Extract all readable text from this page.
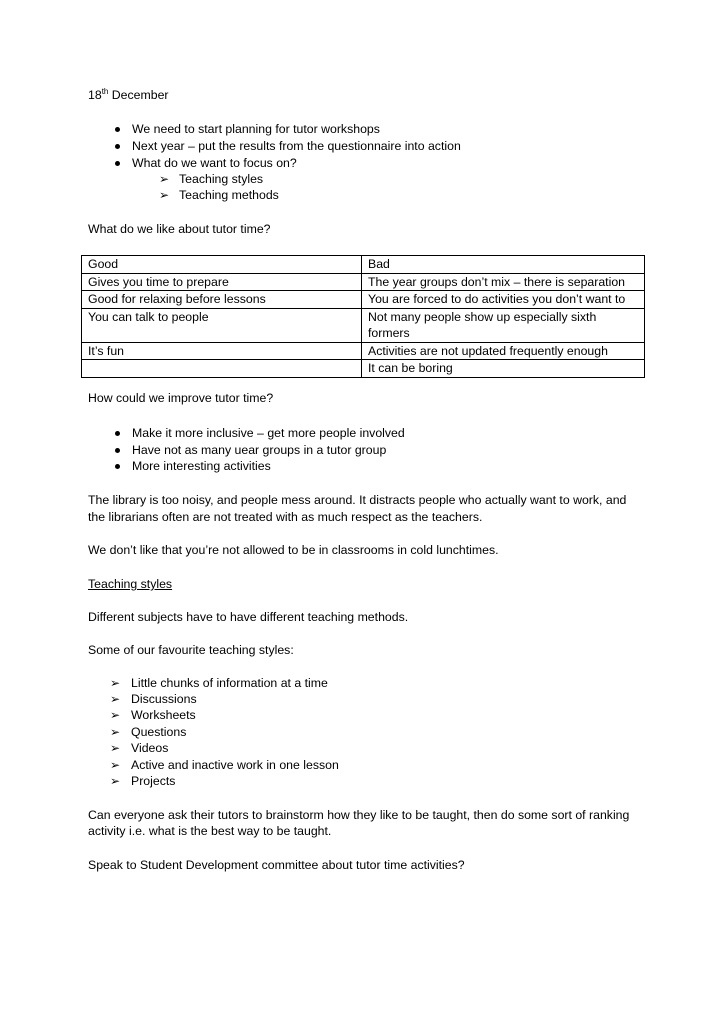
18th December

We need to start planning for tutor workshops
Next year – put the results from the questionnaire into action
What do we want to focus on?
➢ Teaching styles
➢ Teaching methods

What do we like about tutor time?

Good	Bad
Gives you time to prepare	The year groups don’t mix – there is separation
Good for relaxing before lessons	You are forced to do activities you don’t want to
You can talk to people	Not many people show up especially sixth formers
It’s fun	Activities are not updated frequently enough
	It can be boring

How could we improve tutor time?

Make it more inclusive – get more people involved
Have not as many uear groups in a tutor group
More interesting activities

The library is too noisy, and people mess around. It distracts people who actually want to work, and

the librarians often are not treated with as much respect as the teachers.

We don’t like that you’re not allowed to be in classrooms in cold lunchtimes.

Teaching styles

Different subjects have to have different teaching methods.

Some of our favourite teaching styles:

➢ Little chunks of information at a time
➢ Discussions
➢ Worksheets
➢ Questions
➢ Videos
➢ Active and inactive work in one lesson
➢ Projects

Can everyone ask their tutors to brainstorm how they like to be taught, then do some sort of ranking

activity i.e. what is the best way to be taught.

Speak to Student Development committee about tutor time activities?
